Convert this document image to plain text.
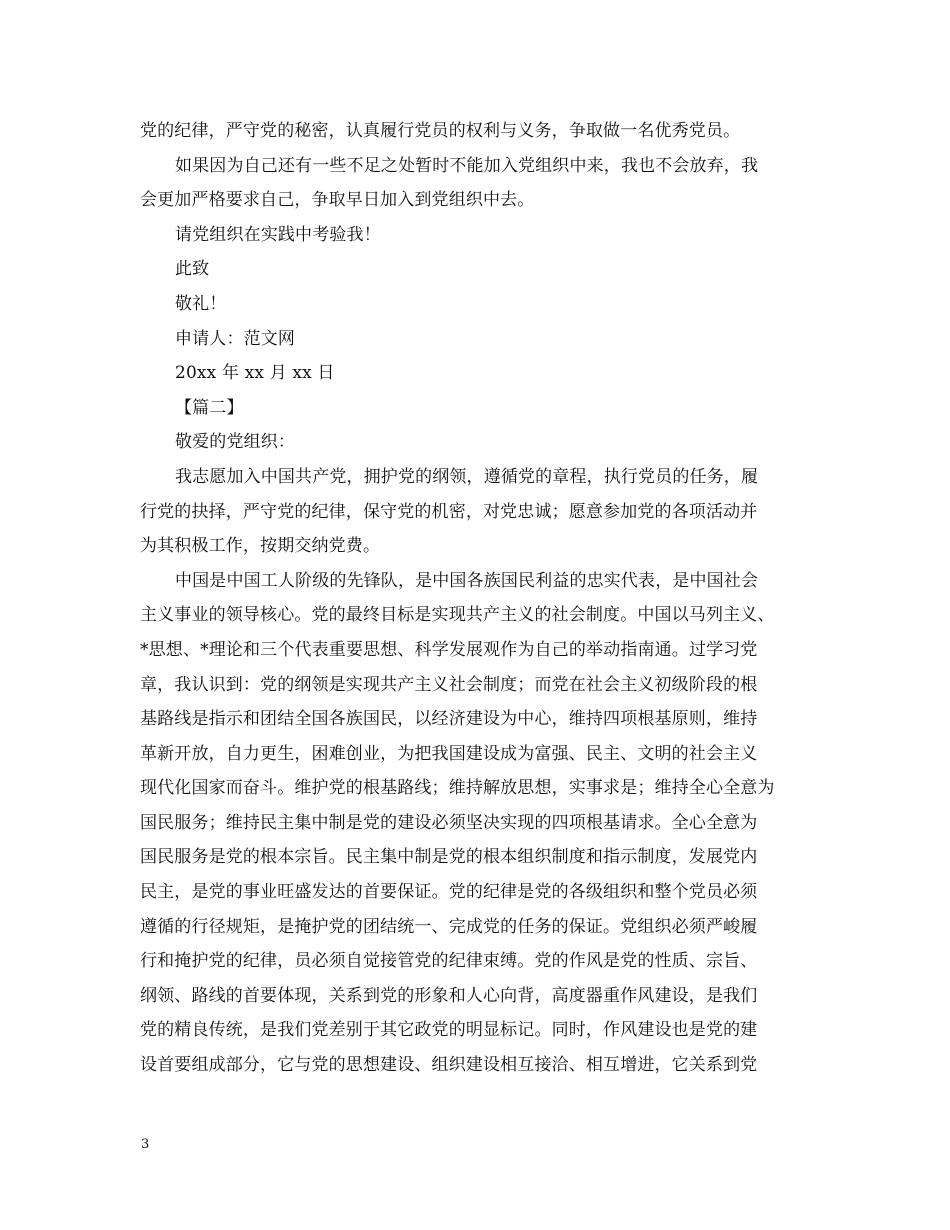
党的纪律，严守党的秘密，认真履行党员的权利与义务，争取做一名优秀党员。
如果因为自己还有一些不足之处暂时不能加入党组织中来，我也不会放弃，我
会更加严格要求自己，争取早日加入到党组织中去。
请党组织在实践中考验我！
此致
敬礼！
申请人：范文网
20xx 年 xx 月 xx 日
【篇二】
敬爱的党组织：
我志愿加入中国共产党，拥护党的纲领，遵循党的章程，执行党员的任务，履
行党的抉择，严守党的纪律，保守党的机密，对党忠诚；愿意参加党的各项活动并
为其积极工作，按期交纳党费。
中国是中国工人阶级的先锋队，是中国各族国民利益的忠实代表，是中国社会
主义事业的领导核心。党的最终目标是实现共产主义的社会制度。中国以马列主义、
*思想、*理论和三个代表重要思想、科学发展观作为自己的举动指南通。过学习党
章，我认识到：党的纲领是实现共产主义社会制度；而党在社会主义初级阶段的根
基路线是指示和团结全国各族国民，以经济建设为中心，维持四项根基原则，维持
革新开放，自力更生，困难创业，为把我国建设成为富强、民主、文明的社会主义
现代化国家而奋斗。维护党的根基路线；维持解放思想，实事求是；维持全心全意为
国民服务；维持民主集中制是党的建设必须坚决实现的四项根基请求。全心全意为
国民服务是党的根本宗旨。民主集中制是党的根本组织制度和指示制度，发展党内
民主，是党的事业旺盛发达的首要保证。党的纪律是党的各级组织和整个党员必须
遵循的行径规矩，是掩护党的团结统一、完成党的任务的保证。党组织必须严峻履
行和掩护党的纪律，员必须自觉接管党的纪律束缚。党的作风是党的性质、宗旨、
纲领、路线的首要体现，关系到党的形象和人心向背，高度器重作风建设，是我们
党的精良传统，是我们党差别于其它政党的明显标记。同时，作风建设也是党的建
设首要组成部分，它与党的思想建设、组织建设相互接洽、相互增进，它关系到党
3
